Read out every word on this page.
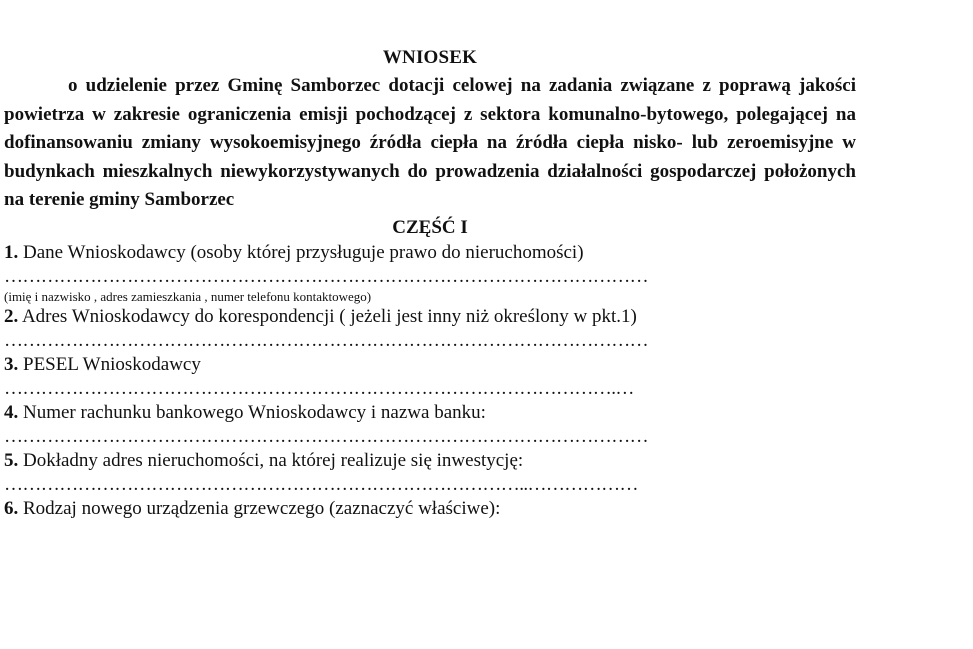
WNIOSEK

o udzielenie przez Gminę Samborzec dotacji celowej na zadania związane z poprawą jakości powietrza w zakresie ograniczenia emisji pochodzącej z sektora komunalno-bytowego, polegającej na dofinansowaniu zmiany wysokoemisyjnego źródła ciepła na źródła ciepła nisko- lub zeroemisyjne w budynkach mieszkalnych niewykorzystywanych do prowadzenia działalności gospodarczej położonych na terenie gminy Samborzec

CZĘŚĆ I

1. Dane Wnioskodawcy (osoby której przysługuje prawo do nieruchomości)

……………………………………………………………………………………………

(imię i nazwisko , adres zamieszkania , numer telefonu kontaktowego)

2. Adres Wnioskodawcy do korespondencji ( jeżeli jest inny niż określony w pkt.1)

……………………………………………………………………………………………

3. PESEL Wnioskodawcy

……………………………………………………………………………………….…

4. Numer rachunku bankowego Wnioskodawcy i nazwa banku:

……………………………………………………………………………………………

5. Dokładny adres nieruchomości, na której realizuje się inwestycję:

…………………………………………………………………………..………………

6. Rodzaj nowego urządzenia grzewczego (zaznaczyć właściwe):
